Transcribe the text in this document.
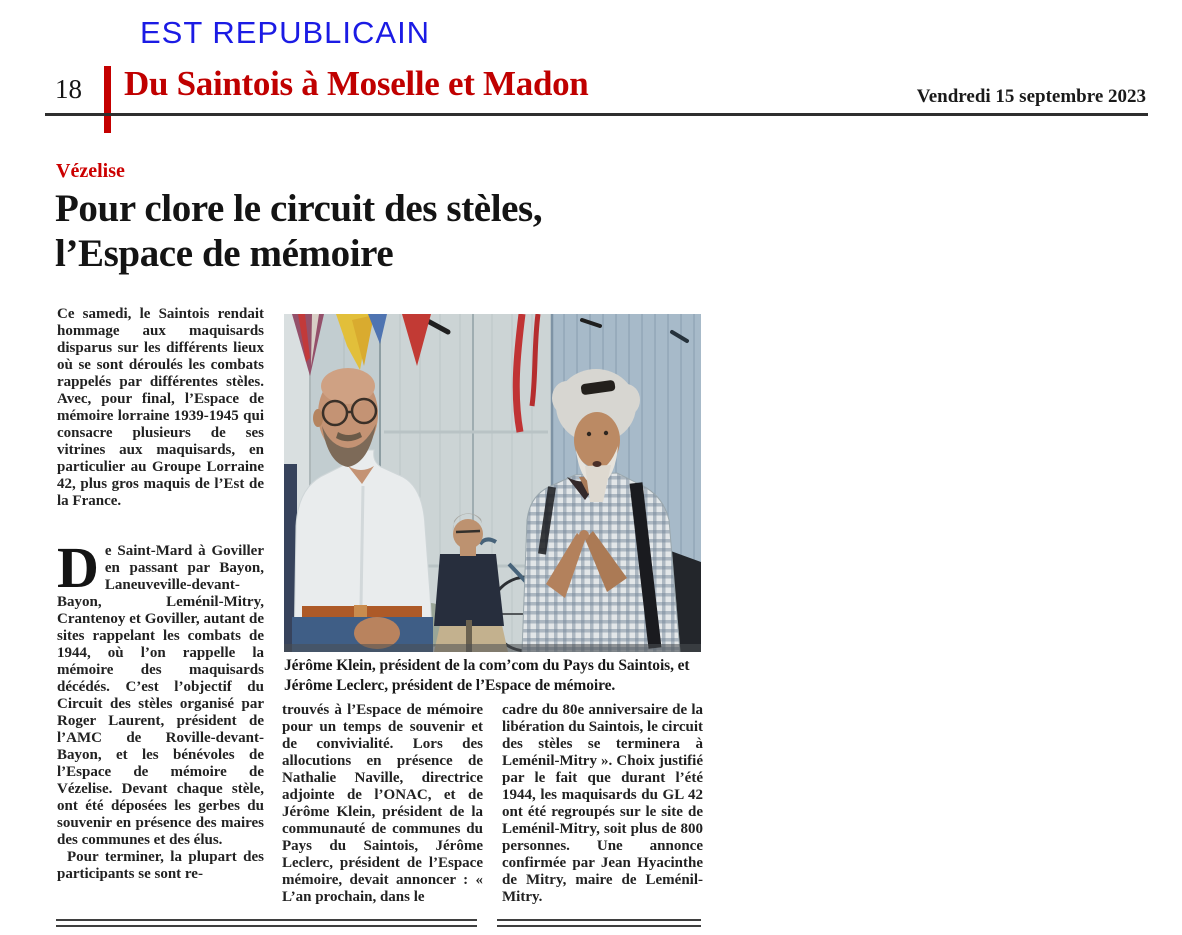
EST REPUBLICAIN
18 Du Saintois à Moselle et Madon	Vendredi 15 septembre 2023
Vézelise
Pour clore le circuit des stèles,
l’Espace de mémoire
Ce samedi, le Saintois rendait hommage aux maquisards disparus sur les différents lieux où se sont déroulés les combats rappelés par différentes stèles. Avec, pour final, l’Espace de mémoire lorraine 1939-1945 qui consacre plusieurs de ses vitrines aux maquisards, en particulier au Groupe Lorraine 42, plus gros maquis de l’Est de la France.

De Saint-Mard à Goviller en passant par Bayon, Laneuveville-devant-Bayon, Leménil-Mitry, Crantenoy et Goviller, autant de sites rappelant les combats de 1944, où l’on rappelle la mémoire des maquisards décédés. C’est l’objectif du Circuit des stèles organisé par Roger Laurent, président de l’AMC de Roville-devant-Bayon, et les bénévoles de l’Espace de mémoire de Vézelise. Devant chaque stèle, ont été déposées les gerbes du souvenir en présence des maires des communes et des élus.

Pour terminer, la plupart des participants se sont re-

Jérôme Klein, président de la com’com du Pays du Saintois, et Jérôme Leclerc, président de l’Espace de mémoire.
trouvés à l’Espace de mémoire pour un temps de souvenir et de convivialité. Lors des allocutions en présence de Nathalie Naville, directrice adjointe de l’ONAC, et de Jérôme Klein, président de la communauté de communes du Pays du Saintois, Jérôme Leclerc, président de l’Espace mémoire, devait annoncer : « L’an prochain, dans le
cadre du 80e anniversaire de la libération du Saintois, le circuit des stèles se terminera à Leménil-Mitry ». Choix justifié par le fait que durant l’été 1944, les maquisards du GL 42 ont été regroupés sur le site de Leménil-Mitry, soit plus de 800 personnes. Une annonce confirmée par Jean Hyacinthe de Mitry, maire de Leménil-Mitry.
